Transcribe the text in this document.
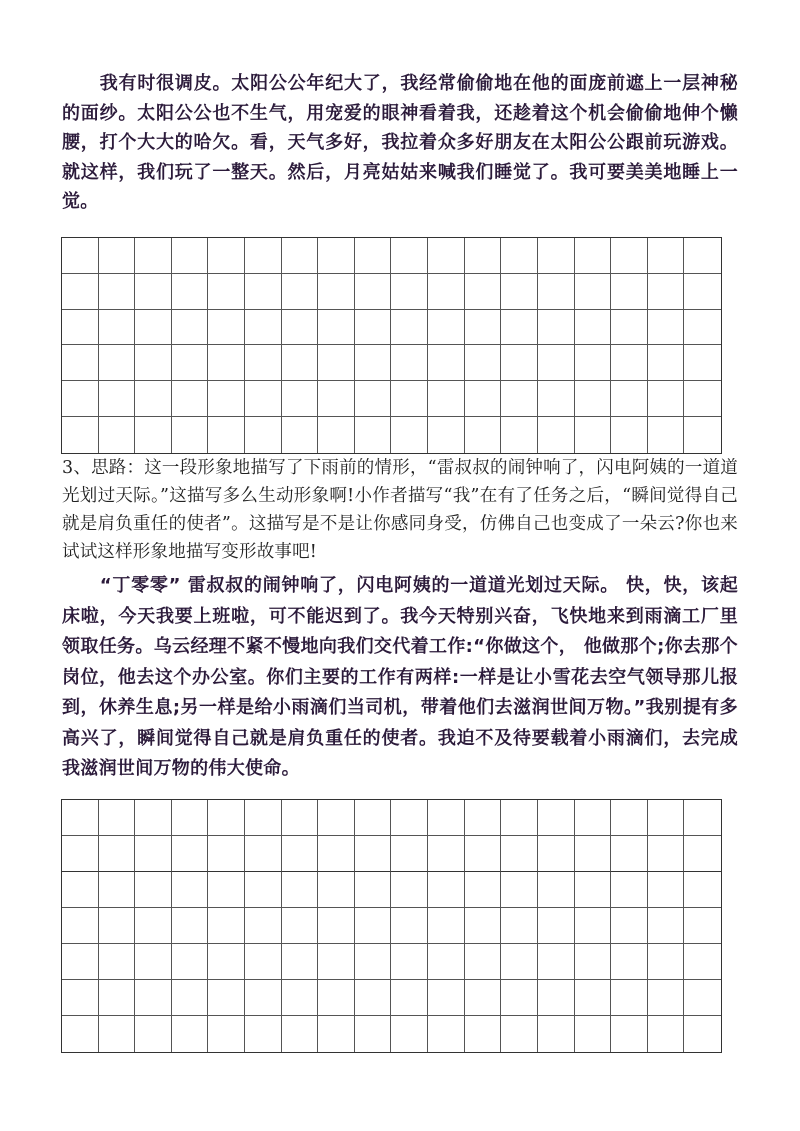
我有时很调皮。太阳公公年纪大了，我经常偷偷地在他的面庞前遮上一层神秘的面纱。太阳公公也不生气，用宠爱的眼神看着我，还趁着这个机会偷偷地伸个懒腰，打个大大的哈欠。看，天气多好，我拉着众多好朋友在太阳公公跟前玩游戏。就这样，我们玩了一整天。然后，月亮姑姑来喊我们睡觉了。我可要美美地睡上一觉。

3、思路：这一段形象地描写了下雨前的情形，“雷叔叔的闹钟响了，闪电阿姨的一道道光划过天际。”这描写多么生动形象啊!小作者描写“我”在有了任务之后，“瞬间觉得自己就是肩负重任的使者”。这描写是不是让你感同身受，仿佛自己也变成了一朵云?你也来试试这样形象地描写变形故事吧!

“丁零零” 雷叔叔的闹钟响了，闪电阿姨的一道道光划过天际。 快，快，该起床啦，今天我要上班啦，可不能迟到了。我今天特别兴奋，飞快地来到雨滴工厂里领取任务。乌云经理不紧不慢地向我们交代着工作:“你做这个， 他做那个;你去那个岗位，他去这个办公室。你们主要的工作有两样:一样是让小雪花去空气领导那儿报到，休养生息;另一样是给小雨滴们当司机，带着他们去滋润世间万物。”我别提有多高兴了，瞬间觉得自己就是肩负重任的使者。我迫不及待要载着小雨滴们，去完成我滋润世间万物的伟大使命。
